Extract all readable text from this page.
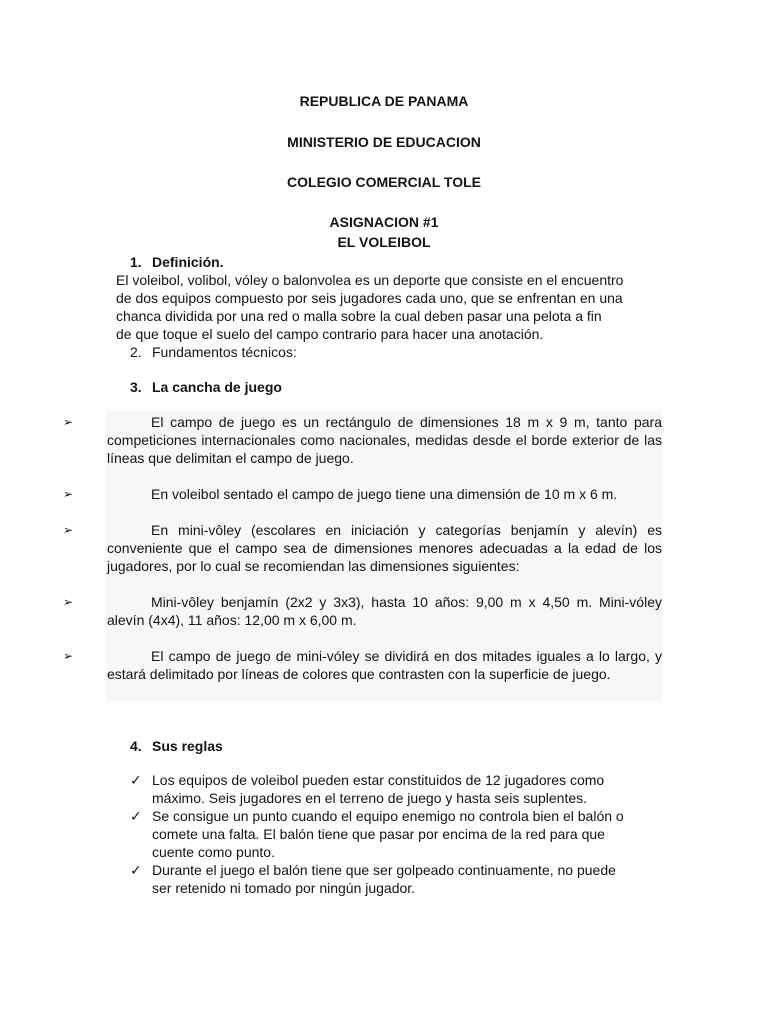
REPUBLICA DE PANAMA
MINISTERIO DE EDUCACION
COLEGIO COMERCIAL TOLE
ASIGNACION #1
EL VOLEIBOL
1. Definición.
El voleibol, volibol, vóley o balonvolea es un deporte que consiste en el encuentro
de dos equipos compuesto por seis jugadores cada uno, que se enfrentan en una
chanca dividida por una red o malla sobre la cual deben pasar una pelota a fin
de que toque el suelo del campo contrario para hacer una anotación.
2. Fundamentos técnicos:
3. La cancha de juego
➢	El campo de juego es un rectángulo de dimensiones 18 m x 9 m, tanto para competiciones internacionales como nacionales, medidas desde el borde exterior de las líneas que delimitan el campo de juego.
➢	En voleibol sentado el campo de juego tiene una dimensión de 10 m x 6 m.
➢	En mini-vôley (escolares en iniciación y categorías benjamín y alevín) es conveniente que el campo sea de dimensiones menores adecuadas a la edad de los jugadores, por lo cual se recomiendan las dimensiones siguientes:
➢	Mini-vôley benjamín (2x2 y 3x3), hasta 10 años: 9,00 m x 4,50 m. Mini-vóley alevín (4x4), 11 años: 12,00 m x 6,00 m.
➢	El campo de juego de mini-vóley se dividirá en dos mitades iguales a lo largo, y estará delimitado por líneas de colores que contrasten con la superficie de juego.
4. Sus reglas
✓ Los equipos de voleibol pueden estar constituidos de 12 jugadores como
máximo. Seis jugadores en el terreno de juego y hasta seis suplentes.
✓ Se consigue un punto cuando el equipo enemigo no controla bien el balón o
comete una falta. El balón tiene que pasar por encima de la red para que
cuente como punto.
✓ Durante el juego el balón tiene que ser golpeado continuamente, no puede
ser retenido ni tomado por ningún jugador.
